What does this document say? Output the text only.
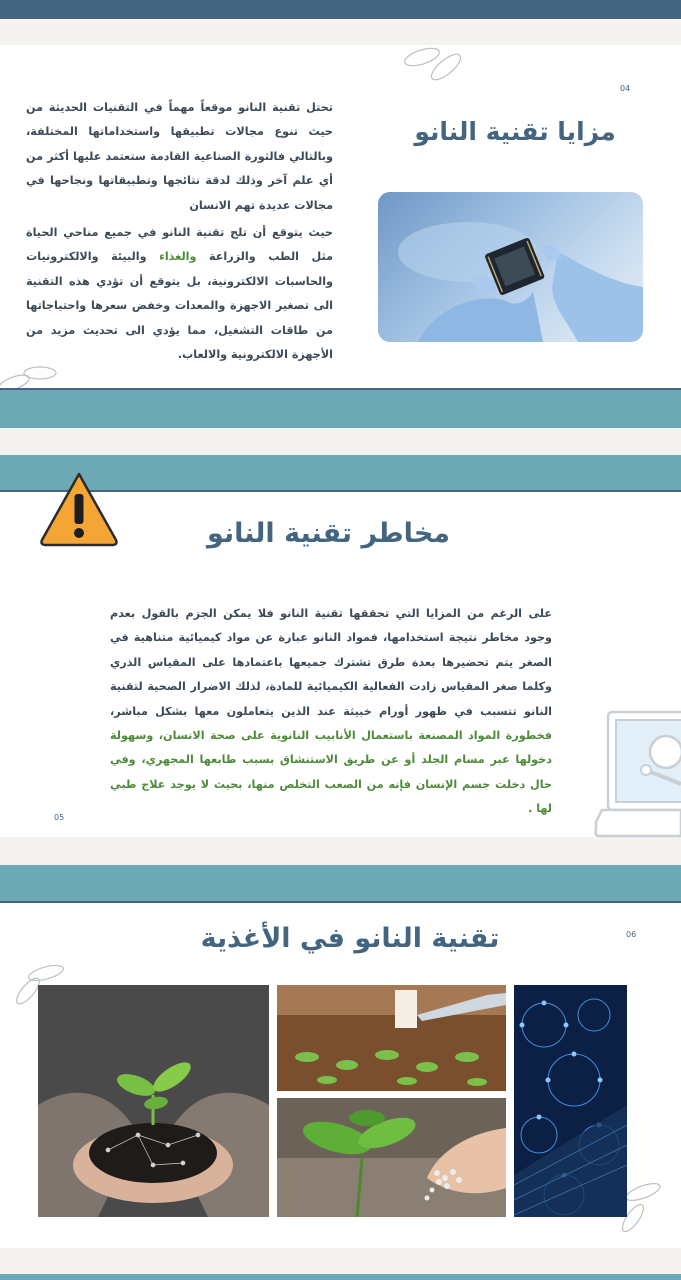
04
مزايا تقنية النانو

تحتل تقنية النانو موقعاً مهماً في التقنيات الحديثة من حيث تنوع مجالات تطبيقها واستخداماتها المختلفة، وبالتالي فالثورة الصناعية القادمة ستعتمد عليها أكثر من أي علم آخر وذلك لدقة نتائجها وتطبيقاتها ونجاحها في مجالات عديدة تهم الانسان

حيث يتوقع أن تلج تقنية النانو في جميع مناحي الحياة مثل الطب والزراعة والغذاء والبيئة والالكترونيات والحاسبات الالكترونية، بل يتوقع أن تؤدي هذه التقنية الى تصغير الاجهزة والمعدات وخفض سعرها واحتياجاتها من طاقات التشغيل، مما يؤدي الى تحديث مزيد من الأجهزة الالكترونية والالعاب.

مخاطر تقنية النانو
على الرغم من المزايا التي تحققها تقنية النانو فلا يمكن الجزم بالقول بعدم وجود مخاطر نتيجة استخدامها، فمواد النانو عبارة عن مواد كيميائية متناهية في الصغر يتم تحضيرها بعدة طرق تشترك جميعها باعتمادها على المقياس الذري وكلما صغر المقياس زادت الفعالية الكيميائية للمادة، لذلك الاضرار الصحية لتقنية النانو تتسبب في ظهور أورام خبيثة عند الذين يتعاملون معها بشكل مباشر، فخطورة المواد المصنعة باستعمال الأنابيب النانوية على صحة الانسان، وسهولة دخولها عبر مسام الجلد أو عن طريق الاستنشاق بسبب طابعها المجهري، وفي حال دخلت جسم الإنسان فإنه من الصعب التخلص منها، بحيث لا يوجد علاج طبي لها .
05
تقنية النانو في الأغذية	06
